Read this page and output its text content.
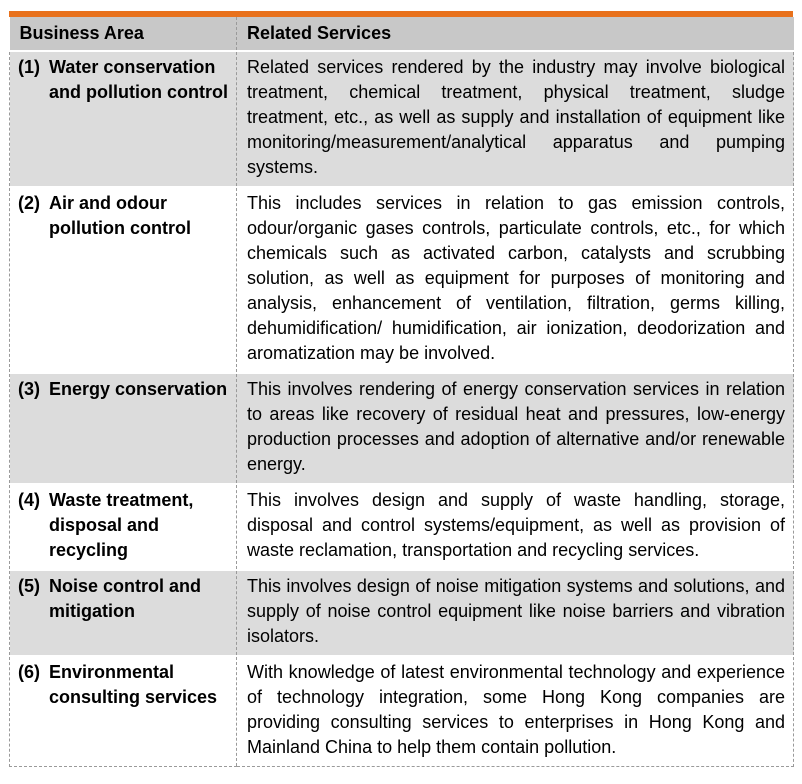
Business Area	Related Services

(1) Water conservation and pollution control	Related services rendered by the industry may involve biological treatment, chemical treatment, physical treatment, sludge treatment, etc., as well as supply and installation of equipment like monitoring/measurement/analytical apparatus and pumping systems.

(2) Air and odour pollution control	This includes services in relation to gas emission controls, odour/organic gases controls, particulate controls, etc., for which chemicals such as activated carbon, catalysts and scrubbing solution, as well as equipment for purposes of monitoring and analysis, enhancement of ventilation, filtration, germs killing, dehumidification/ humidification, air ionization, deodorization and aromatization may be involved.

(3) Energy conservation	This involves rendering of energy conservation services in relation to areas like recovery of residual heat and pressures, low-energy production processes and adoption of alternative and/or renewable energy.

(4) Waste treatment, disposal and recycling	This involves design and supply of waste handling, storage, disposal and control systems/equipment, as well as provision of waste reclamation, transportation and recycling services.

(5) Noise control and mitigation	This involves design of noise mitigation systems and solutions, and supply of noise control equipment like noise barriers and vibration isolators.

(6) Environmental consulting services	With knowledge of latest environmental technology and experience of technology integration, some Hong Kong companies are providing consulting services to enterprises in Hong Kong and Mainland China to help them contain pollution.
